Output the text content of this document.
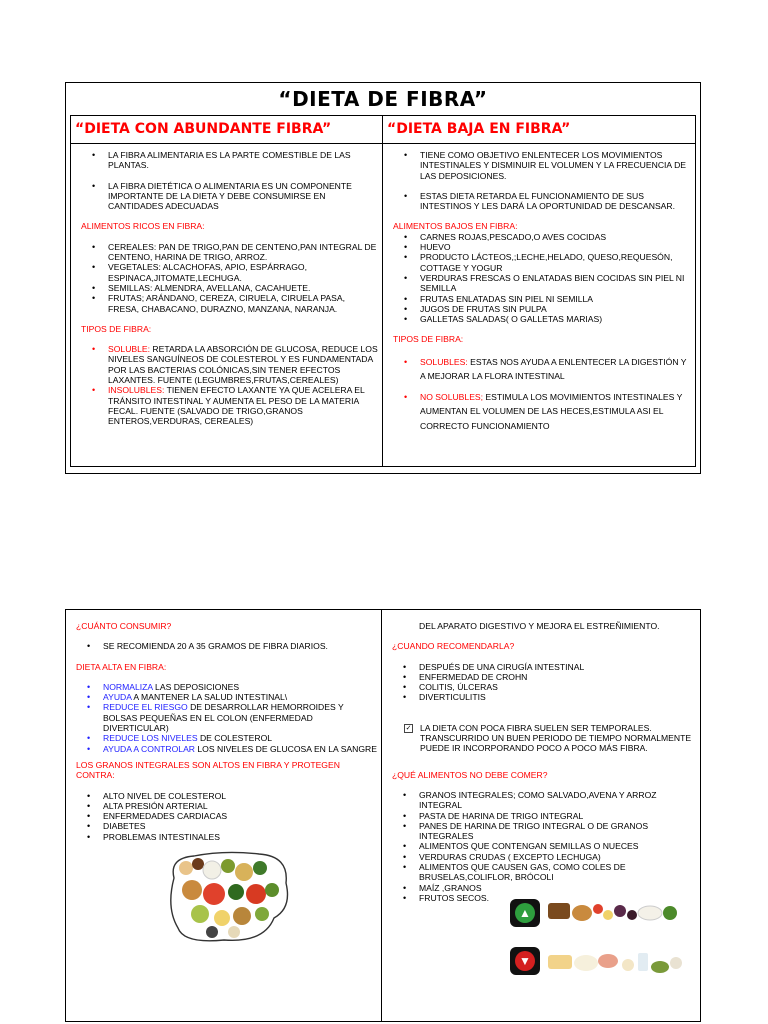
“DIETA DE FIBRA”
“DIETA CON ABUNDANTE FIBRA”	“DIETA BAJA EN FIBRA”
• LA FIBRA ALIMENTARIA ES LA PARTE COMESTIBLE DE LAS PLANTAS.
• LA FIBRA DIETÉTICA O ALIMENTARIA ES UN COMPONENTE IMPORTANTE DE LA DIETA Y DEBE CONSUMIRSE EN CANTIDADES ADECUADAS
ALIMENTOS RICOS EN FIBRA:
• CEREALES: PAN DE TRIGO,PAN DE CENTENO,PAN INTEGRAL DE CENTENO, HARINA DE TRIGO, ARROZ.
• VEGETALES: ALCACHOFAS, APIO, ESPÁRRAGO, ESPINACA,JITOMATE,LECHUGA.
• SEMILLAS: ALMENDRA, AVELLANA, CACAHUETE.
• FRUTAS; ARÁNDANO, CEREZA, CIRUELA, CIRUELA PASA, FRESA, CHABACANO, DURAZNO, MANZANA, NARANJA.
TIPOS DE FIBRA:
• SOLUBLE: RETARDA LA ABSORCIÓN DE GLUCOSA, REDUCE LOS NIVELES SANGUÍNEOS DE COLESTEROL Y ES FUNDAMENTADA POR LAS BACTERIAS COLÓNICAS,SIN TENER EFECTOS LAXANTES. FUENTE (LEGUMBRES,FRUTAS,CEREALES)
• INSOLUBLES: TIENEN EFECTO LAXANTE YA QUE ACELERA EL TRÁNSITO INTESTINAL Y AUMENTA EL PESO DE LA MATERIA FECAL. FUENTE (SALVADO DE TRIGO,GRANOS ENTEROS,VERDURAS, CEREALES)
• TIENE COMO OBJETIVO ENLENTECER LOS MOVIMIENTOS INTESTINALES Y DISMINUIR EL VOLUMEN Y LA FRECUENCIA DE LAS DEPOSICIONES.
• ESTAS DIETA RETARDA EL FUNCIONAMIENTO DE SUS INTESTINOS Y LES DARÁ LA OPORTUNIDAD DE DESCANSAR.
ALIMENTOS BAJOS EN FIBRA:
• CARNES ROJAS,PESCADO,O AVES COCIDAS
• HUEVO
• PRODUCTO LÁCTEOS,;LECHE,HELADO, QUESO,REQUESÓN, COTTAGE Y YOGUR
• VERDURAS FRESCAS O ENLATADAS BIEN COCIDAS SIN PIEL NI SEMILLA
• FRUTAS ENLATADAS SIN PIEL NI SEMILLA
• JUGOS DE FRUTAS SIN PULPA
• GALLETAS SALADAS( O GALLETAS MARIAS)
TIPOS DE FIBRA:
• SOLUBLES: ESTAS NOS AYUDA A ENLENTECER LA DIGESTIÓN Y A MEJORAR LA FLORA INTESTINAL
• NO SOLUBLES; ESTIMULA LOS MOVIMIENTOS INTESTINALES Y AUMENTAN EL VOLUMEN DE LAS HECES,ESTIMULA ASI EL CORRECTO FUNCIONAMIENTO
¿CUÁNTO CONSUMIR?
• SE RECOMIENDA 20 A 35 GRAMOS DE FIBRA DIARIOS.
DIETA ALTA EN FIBRA:
• NORMALIZA LAS DEPOSICIONES
• AYUDA A MANTENER LA SALUD INTESTINAL\
• REDUCE EL RIESGO DE DESARROLLAR HEMORROIDES Y BOLSAS PEQUEÑAS EN EL COLON (ENFERMEDAD DIVERTICULAR)
• REDUCE LOS NIVELES DE COLESTEROL
• AYUDA A CONTROLAR LOS NIVELES DE GLUCOSA EN LA SANGRE
LOS GRANOS INTEGRALES SON ALTOS EN FIBRA Y PROTEGEN CONTRA:
• ALTO NIVEL DE COLESTEROL
• ALTA PRESIÓN ARTERIAL
• ENFERMEDADES CARDIACAS
• DIABETES
• PROBLEMAS INTESTINALES
DEL APARATO DIGESTIVO Y MEJORA EL ESTREÑIMIENTO.
¿CUANDO RECOMENDARLA?
• DESPUÉS DE UNA CIRUGÍA INTESTINAL
• ENFERMEDAD DE CROHN
• COLITIS, ÚLCERAS
• DIVERTICULITIS
✓ LA DIETA CON POCA FIBRA SUELEN SER TEMPORALES. TRANSCURRIDO UN BUEN PERIODO DE TIEMPO NORMALMENTE PUEDE IR INCORPORANDO POCO A POCO MÁS FIBRA.
¿QUÉ ALIMENTOS NO DEBE COMER?
• GRANOS INTEGRALES; COMO SALVADO,AVENA Y ARROZ INTEGRAL
• PASTA DE HARINA DE TRIGO INTEGRAL
• PANES DE HARINA DE TRIGO INTEGRAL O DE GRANOS INTEGRALES
• ALIMENTOS QUE CONTENGAN SEMILLAS O NUECES
• VERDURAS CRUDAS ( EXCEPTO LECHUGA)
• ALIMENTOS QUE CAUSEN GAS, COMO COLES DE BRUSELAS,COLIFLOR, BRÓCOLI
• MAÍZ ,GRANOS
• FRUTOS SECOS.
▲
▼
